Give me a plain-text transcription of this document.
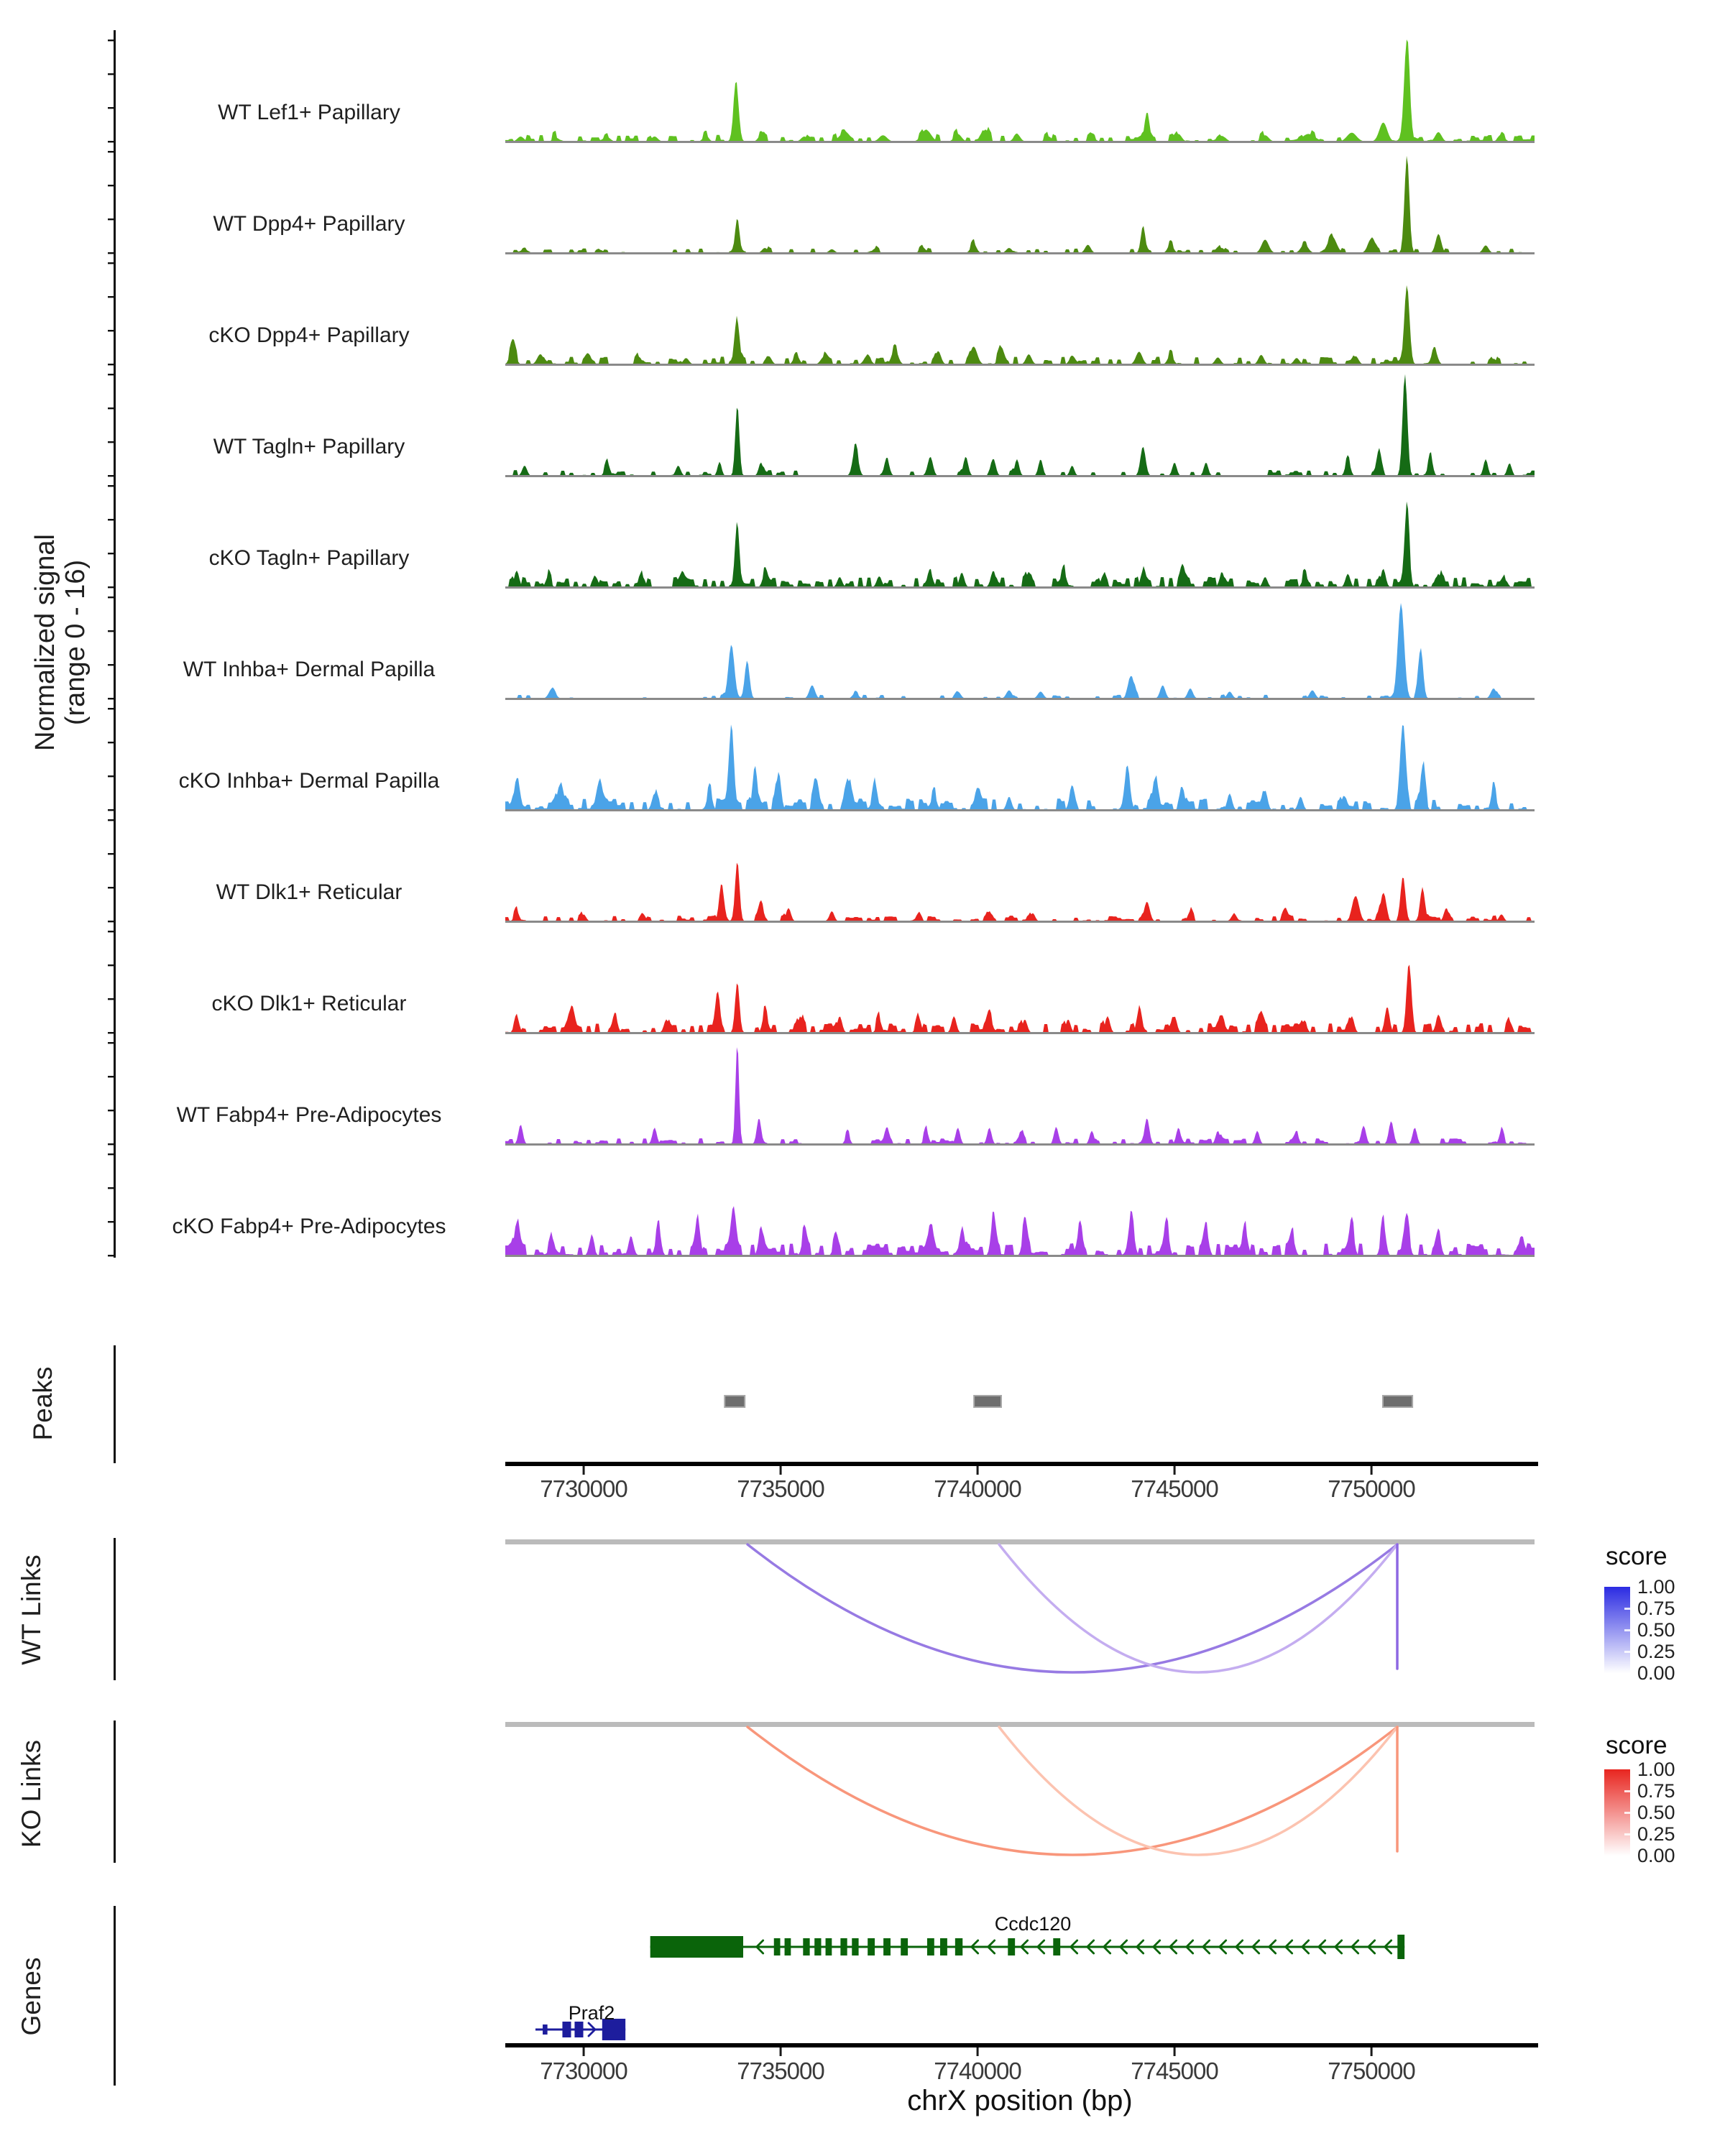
Normalized signal
(range 0 - 16)
WT Lef1+ Papillary
WT Dpp4+ Papillary
cKO Dpp4+ Papillary
WT Tagln+ Papillary
cKO Tagln+ Papillary
WT Inhba+ Dermal Papilla
cKO Inhba+ Dermal Papilla
WT Dlk1+ Reticular
cKO Dlk1+ Reticular
WT Fabp4+ Pre-Adipocytes
cKO Fabp4+ Pre-Adipocytes
Peaks
WT Links
KO Links
Genes
7730000	7735000	7740000	7745000	7750000
7730000	7735000	7740000	7745000	7750000
chrX position (bp)
score
1.00
0.75
0.50
0.25
0.00
score
1.00
0.75
0.50
0.25
0.00
Ccdc120
Praf2
